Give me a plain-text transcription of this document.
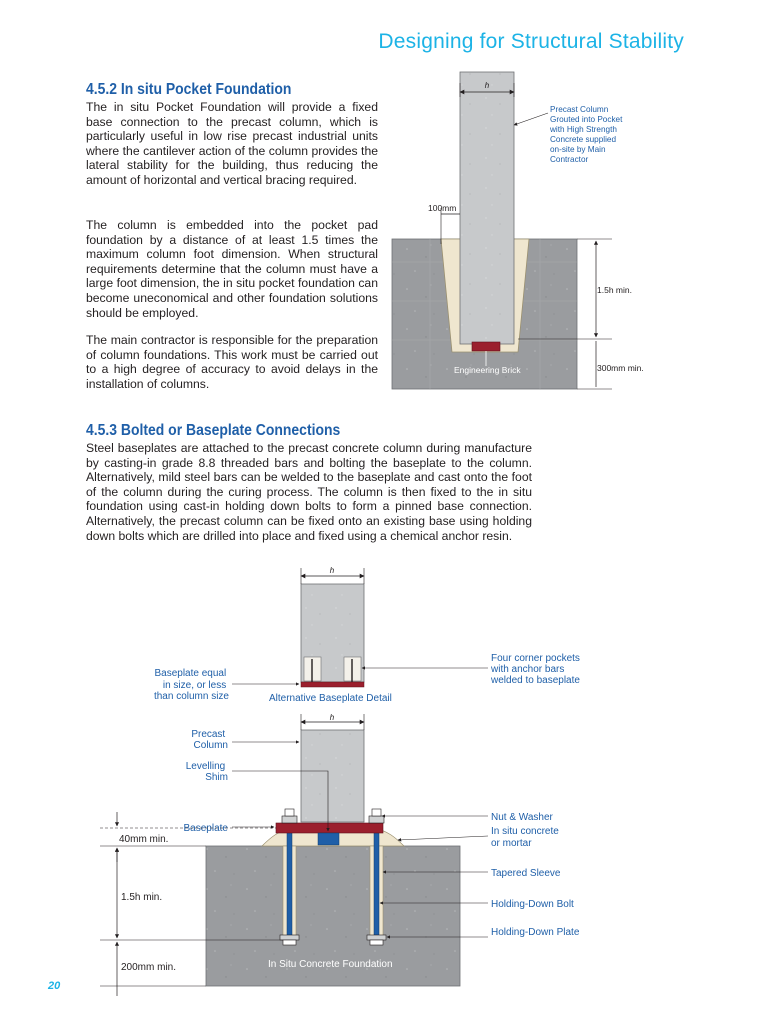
Designing for Structural Stability
4.5.2 In situ Pocket Foundation

The in situ Pocket Foundation will provide a fixed base connection to the precast column, which is particularly useful in low rise precast industrial units where the cantilever action of the column provides the lateral stability for the building, thus reducing the amount of horizontal and vertical bracing required.

The column is embedded into the pocket pad foundation by a distance of at least 1.5 times the maximum column foot dimension. When structural requirements determine that the column must have a large foot dimension, the in situ pocket foundation can become uneconomical and other foundation solutions should be employed.

The main contractor is responsible for the preparation of column foundations. This work must be carried out to a high degree of accuracy to avoid delays in the installation of columns.

4.5.3 Bolted or Baseplate Connections

Steel baseplates are attached to the precast concrete column during manufacture by casting-in grade 8.8 threaded bars and bolting the baseplate to the column. Alternatively, mild steel bars can be welded to the baseplate and cast onto the foot of the column during the curing process. The column is then fixed to the in situ foundation using cast-in holding down bolts to form a pinned base connection. Alternatively, the precast column can be fixed onto an existing base using holding down bolts which are drilled into place and fixed using a chemical anchor resin.

h
Precast Column Grouted into Pocket with High Strength Concrete supplied on-site by Main Contractor
100mm
1.5h min.
300mm min.
Engineering Brick
h
Baseplate equal in size, or less than column size	Alternative Baseplate Detail
Four corner pockets with anchor bars welded to baseplate
h
Precast Column
Levelling Shim
Baseplate
Nut & Washer
In situ concrete or mortar
Tapered Sleeve
Holding-Down Bolt
Holding-Down Plate
In Situ Concrete Foundation
40mm min.
1.5h min.
200mm min.
20
